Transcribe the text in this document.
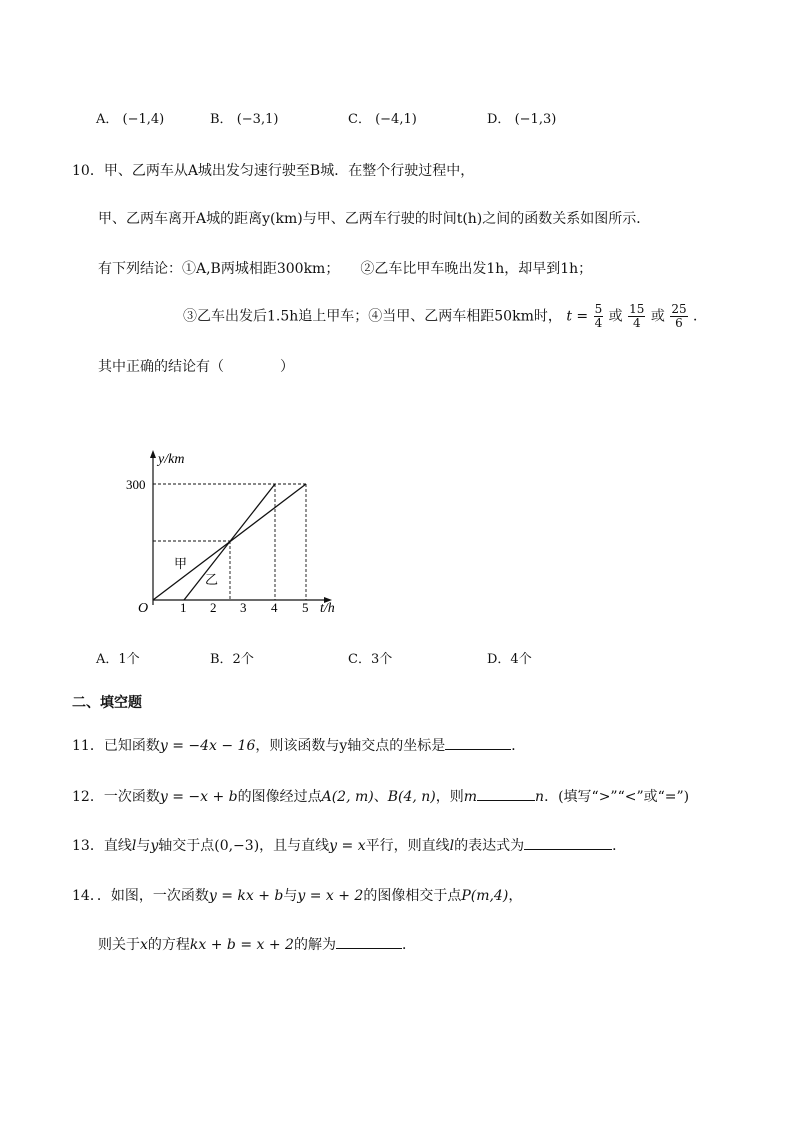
A． (−1,4)	B． (−3,1)	C． (−4,1)	D． (−1,3)
10．甲、乙两车从A城出发匀速行驶至B城．在整个行驶过程中，
甲、乙两车离开A城的距离y(km)与甲、乙两车行驶的时间t(h)之间的函数关系如图所示．
有下列结论：①A,B两城相距300km；　　②乙车比甲车晚出发1h，却早到1h；
③乙车出发后1.5h追上甲车；④当甲、乙两车相距50km时， $t = \frac{5}{4}$ 或 $\frac{15}{4}$ 或 $\frac{25}{6}$ ．
其中正确的结论有（　　　　）
y/km
t/h
300
O 1 2 3 4 5
甲
乙
A．1个	B．2个	C．3个	D．4个
二、填空题
11．已知函数y = −4x − 16，则该函数与y轴交点的坐标是	．
12．一次函数y = −x + b的图像经过点A(2, m)、B(4, n)，则m	n．(填写“>”“<”或“=”)
13．直线l与y轴交于点(0,−3)，且与直线y = x平行，则直线l的表达式为	．
14．．如图，一次函数y = kx + b与y = x + 2的图像相交于点P(m,4)，
则关于x的方程kx + b = x + 2的解为	．
